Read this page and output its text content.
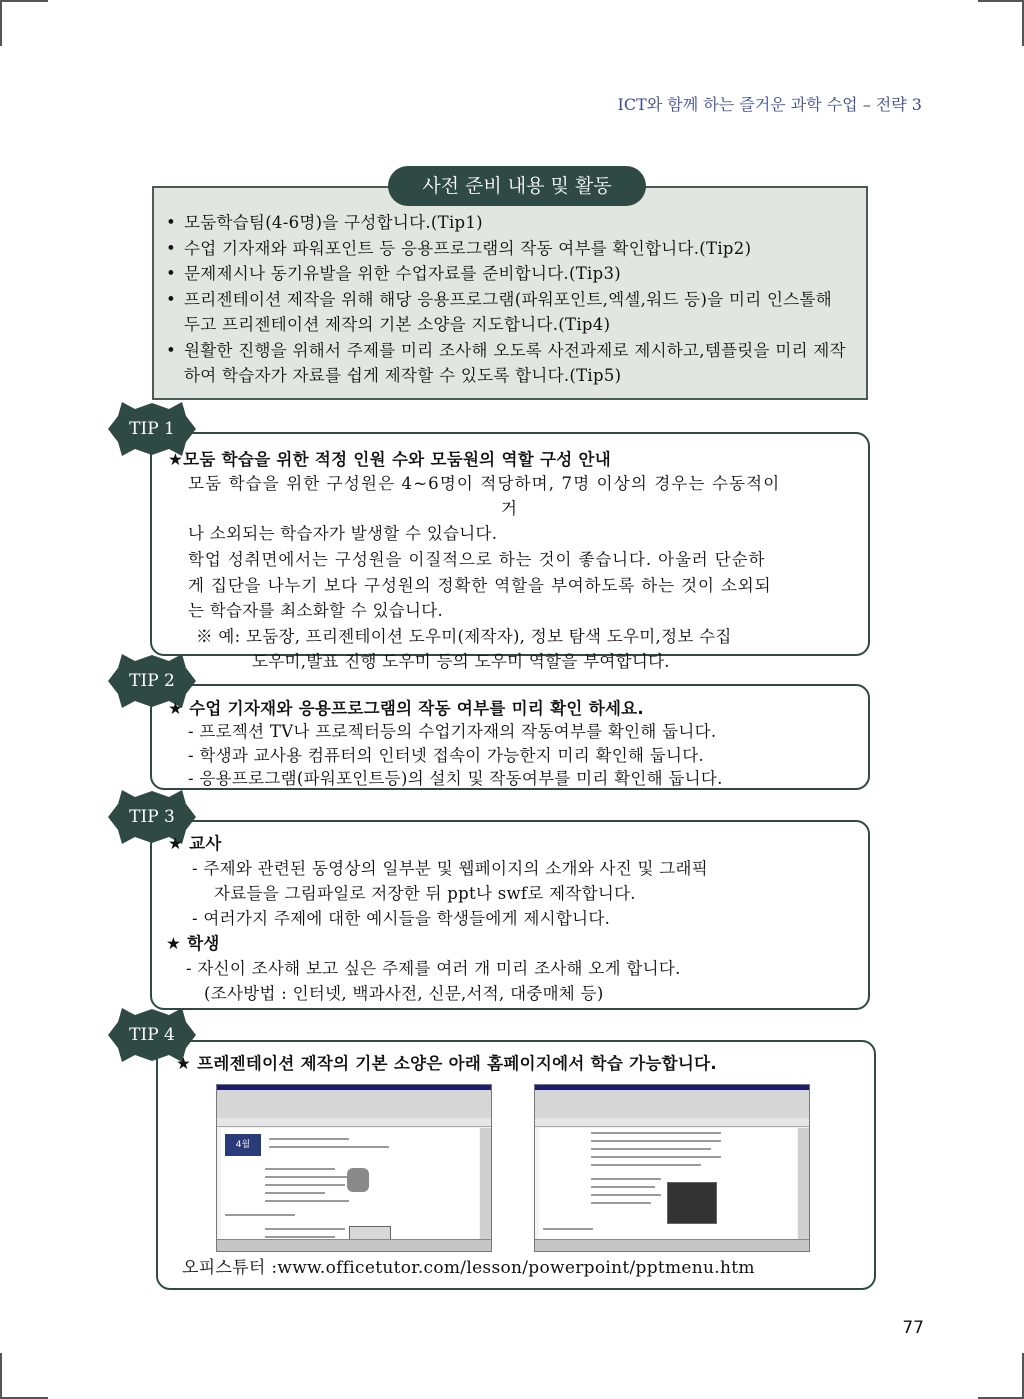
ICT와 함께 하는 즐거운 과학 수업 – 전략 3
• 모둠학습팀(4-6명)을 구성합니다.(Tip1)
• 수업 기자재와 파워포인트 등 응용프로그램의 작동 여부를 확인합니다.(Tip2)
• 문제제시나 동기유발을 위한 수업자료를 준비합니다.(Tip3)
• 프리젠테이션 제작을 위해 해당 응용프로그램(파워포인트,엑셀,워드 등)을 미리 인스톨해 두고 프리젠테이션 제작의 기본 소양을 지도합니다.(Tip4)
• 원활한 진행을 위해서 주제를 미리 조사해 오도록 사전과제로 제시하고,템플릿을 미리 제작하여 학습자가 자료를 쉽게 제작할 수 있도록 합니다.(Tip5)
사전 준비 내용 및 활동
TIP 1
★모둠 학습을 위한 적정 인원 수와 모둠원의 역할 구성 안내
모둠 학습을 위한 구성원은 4~6명이 적당하며, 7명 이상의 경우는 수동적이
거
나 소외되는 학습자가 발생할 수 있습니다.
학업 성취면에서는 구성원을 이질적으로 하는 것이 좋습니다. 아울러 단순하
게 집단을 나누기 보다 구성원의 정확한 역할을 부여하도록 하는 것이 소외되
는 학습자를 최소화할 수 있습니다.
※ 예: 모둠장, 프리젠테이션 도우미(제작자), 정보 탐색 도우미,정보 수집
도우미,발표 진행 도우미 등의 도우미 역할을 부여합니다.
TIP 2
★ 수업 기자재와 응용프로그램의 작동 여부를 미리 확인 하세요.
- 프로젝션 TV나 프로젝터등의 수업기자재의 작동여부를 확인해 둡니다.
- 학생과 교사용 컴퓨터의 인터넷 접속이 가능한지 미리 확인해 둡니다.
- 응용프로그램(파워포인트등)의 설치 및 작동여부를 미리 확인해 둡니다.
TIP 3
★ 교사
- 주제와 관련된 동영상의 일부분 및 웹페이지의 소개와 사진 및 그래픽
자료들을 그림파일로 저장한 뒤 ppt나 swf로 제작합니다.
- 여러가지 주제에 대한 예시들을 학생들에게 제시합니다.
★ 학생
- 자신이 조사해 보고 싶은 주제를 여러 개 미리 조사해 오게 합니다.
(조사방법 : 인터넷, 백과사전, 신문,서적, 대중매체 등)
TIP 4
★ 프레젠테이션 제작의 기본 소양은 아래 홈페이지에서 학습 가능합니다.
4월
오피스튜터 :www.officetutor.com/lesson/powerpoint/pptmenu.htm
77
